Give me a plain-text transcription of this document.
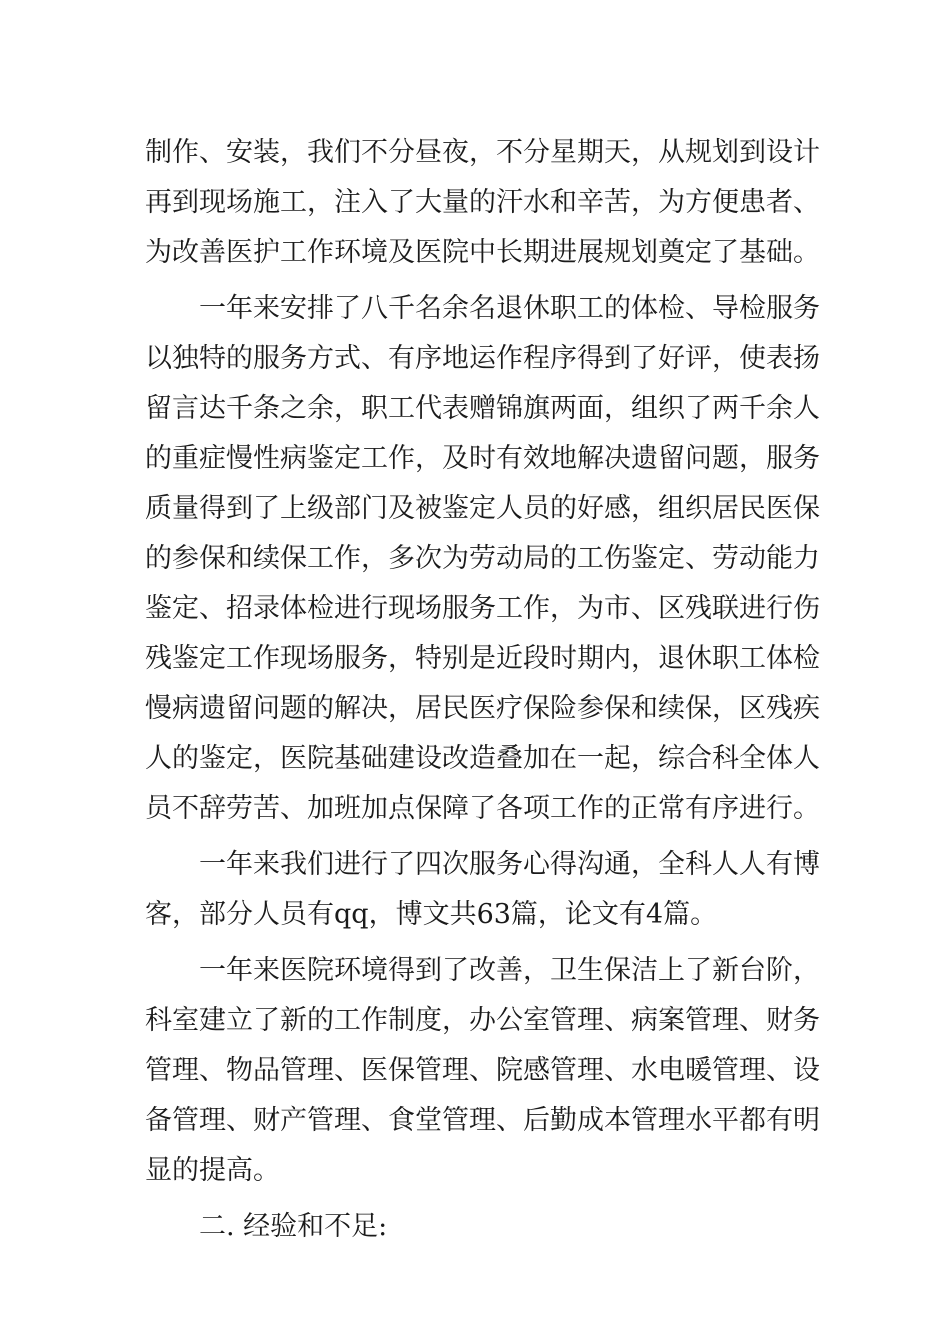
制作、安装，我们不分昼夜，不分星期天，从规划到设计
再到现场施工，注入了大量的汗水和辛苦，为方便患者、
为改善医护工作环境及医院中长期进展规划奠定了基础。
一年来安排了八千名余名退休职工的体检、导检服务
以独特的服务方式、有序地运作程序得到了好评，使表扬
留言达千条之余，职工代表赠锦旗两面，组织了两千余人
的重症慢性病鉴定工作，及时有效地解决遗留问题，服务
质量得到了上级部门及被鉴定人员的好感，组织居民医保
的参保和续保工作，多次为劳动局的工伤鉴定、劳动能力
鉴定、招录体检进行现场服务工作，为市、区残联进行伤
残鉴定工作现场服务，特别是近段时期内，退休职工体检
慢病遗留问题的解决，居民医疗保险参保和续保，区残疾
人的鉴定，医院基础建设改造叠加在一起，综合科全体人
员不辞劳苦、加班加点保障了各项工作的正常有序进行。
一年来我们进行了四次服务心得沟通，全科人人有博
客，部分人员有qq，博文共63篇，论文有4篇。
一年来医院环境得到了改善，卫生保洁上了新台阶，
科室建立了新的工作制度，办公室管理、病案管理、财务
管理、物品管理、医保管理、院感管理、水电暖管理、设
备管理、财产管理、食堂管理、后勤成本管理水平都有明
显的提高。
二. 经验和不足:
